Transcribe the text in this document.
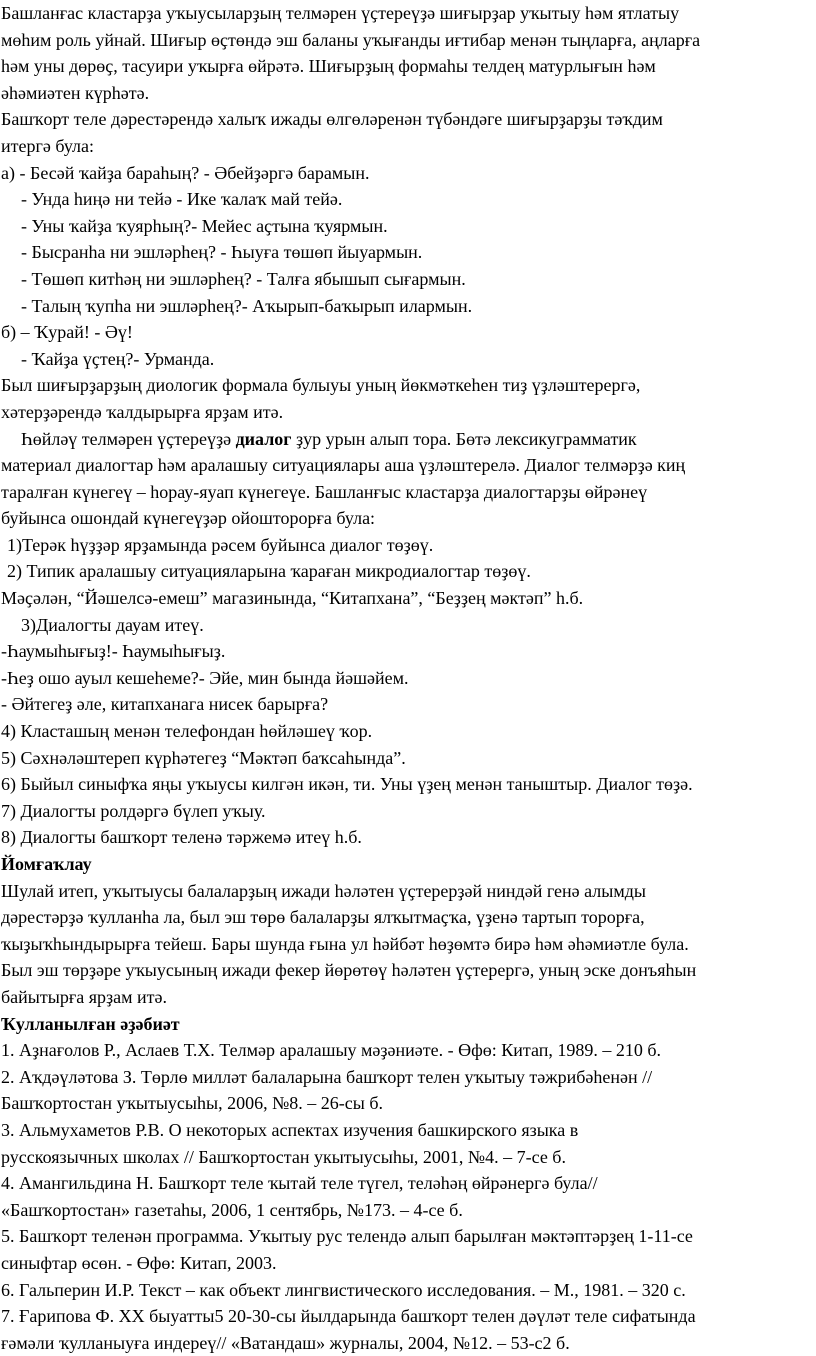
Башланғас кластарҙа уҡыусыларҙың телмәрен үҫтереүҙә шиғырҙар уҡытыу һәм ятлатыу
мөһим роль уйнай. Шиғыр өҫтөндә эш баланы уҡығанды иғтибар менән тыңларға, аңларға
һәм уны дөрөҫ, тасуири уҡырға өйрәтә. Шиғырҙың формаһы телдең матурлығын һәм
әһәмиәтен күрһәтә.
Башҡорт теле дәрестәрендә халыҡ ижады өлгөләренән түбәндәге шиғырҙарҙы тәҡдим
итергә була:
а) - Бесәй ҡайҙа бараһың? - Әбейҙәргә барамын.
- Унда һиңә ни тейә - Ике ҡалаҡ май тейә.
- Уны ҡайҙа ҡуярһың?- Мейес аҫтына ҡуярмын.
- Бысранһа ни эшләрһең? - Һыуға төшөп йыуармын.
- Төшөп китһәң ни эшләрһең? - Талға ябышып сығармын.
- Талың ҡупһа ни эшләрһең?- Аҡырып-баҡырып илармын.
б) – Ҡурай! - Әү!
- Ҡайҙа үҫтең?- Урманда.
Был шиғырҙарҙың диологик формала булыуы уның йөкмәткеһен тиҙ үҙләштерергә,
хәтерҙәрендә ҡалдырырға ярҙам итә.
Һөйләү телмәрен үҫтереүҙә диалог ҙур урын алып тора. Бөтә лексикуграмматик
материал диалогтар һәм аралашыу ситуациялары аша үҙләштерелә. Диалог телмәрҙә киң
таралған күнегеү – һорау-яуап күнегеүе. Башланғыс кластарҙа диалогтарҙы өйрәнеү
буйынса ошондай күнегеүҙәр ойошторорға була:
1)Терәк һүҙҙәр ярҙамында рәсем буйынса диалог төҙөү.
2) Типик аралашыу ситуацияларына ҡараған микродиалогтар төҙөү.
Мәҫәлән, “Йәшелсә-емеш” магазинында, “Китапхана”, “Беҙҙең мәктәп” һ.б.
3)Диалогты дауам итеү.
-Һаумыһығыҙ!- Һаумыһығыҙ.
-Һеҙ ошо ауыл кешеһеме?- Эйе, мин бында йәшәйем.
- Әйтегеҙ әле, китапханага нисек барырға?
4) Класташың менән телефондан һөйләшеү ҡор.
5) Сәхнәләштереп күрһәтегеҙ “Мәктәп баҡсаһында”.
6) Быйыл синыфҡа яңы уҡыусы килгән икән, ти. Уны үҙең менән таныштыр. Диалог төҙә.
7) Диалогты ролдәргә бүлеп уҡыу.
8) Диалогты башҡорт теленә тәржемә итеү һ.б.
Йомғаҡлау
Шулай итеп, уҡытыусы балаларҙың ижади һәләтен үҫтерерҙәй ниндәй генә алымды
дәрестәрҙә ҡулланһа ла, был эш төрө балаларҙы ялҡытмаҫҡа, үҙенә тартып торорға,
ҡыҙыҡһындырырға тейеш. Бары шунда ғына ул һәйбәт һөҙөмтә бирә һәм әһәмиәтле була.
Был эш төрҙәре уҡыусының ижади фекер йөрөтөү һәләтен үҫтерергә, уның эске донъяһын
байытырға ярҙам итә.
Ҡулланылған әҙәбиәт
1. Аҙнағолов Р., Аслаев Т.Х. Телмәр аралашыу мәҙәниәте. - Өфө: Китап, 1989. – 210 б.
2. Аҡдәүләтова З. Төрлө милләт балаларына башҡорт телен уҡытыу тәжрибәһенән //
Башҡортостан уҡытыусыһы, 2006, №8. – 26-сы б.
3. Альмухаметов Р.В. О некоторых аспектах изучения башкирского языка в
русскоязычных школах // Башҡортостан укытыусыhы, 2001, №4. – 7-се б.
4. Амангильдина Н. Башҡорт теле ҡытай теле түгел, теләһәң өйрәнергә була//
«Башҡортостан» газетаһы, 2006, 1 сентябрь, №173. – 4-се б.
5. Башҡорт теленән программа. Уҡытыу рус телендә алып барылған мәктәптәрҙең 1-11-се
синыфтар өсөн. - Өфө: Китап, 2003.
6. Гальперин И.Р. Текст – как объект лингвистического исследования. – М., 1981. – 320 с.
7. Ғарипова Ф. XX быуатты5 20-30-сы йылдарында башҡорт телен дәүләт теле сифатында
ғәмәли ҡулланыуға индереү// «Ватандаш» журналы, 2004, №12. – 53-с2 б.
